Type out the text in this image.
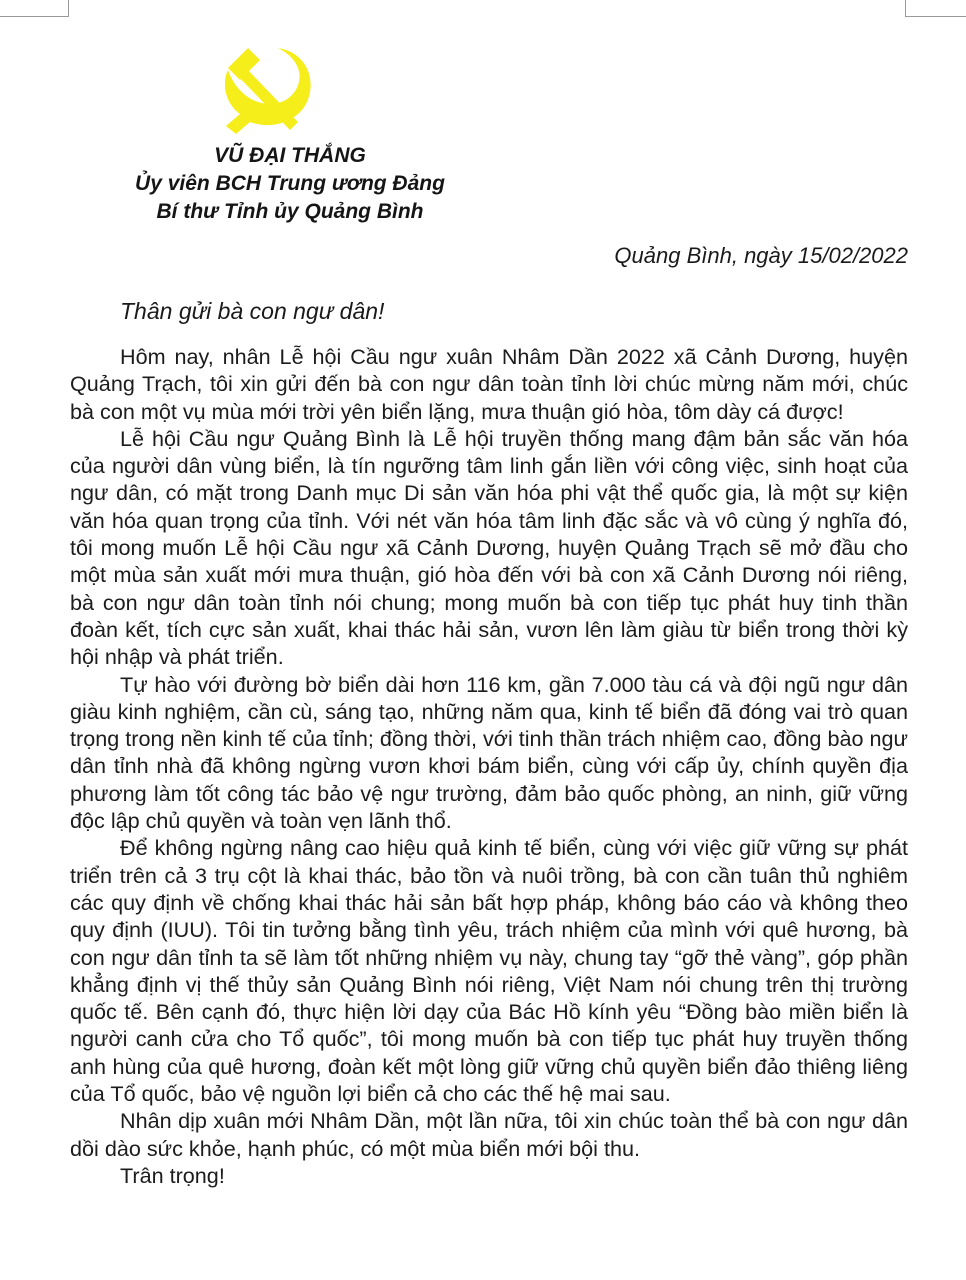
VŨ ĐẠI THẮNG
Ủy viên BCH Trung ương Đảng
Bí thư Tỉnh ủy Quảng Bình
Quảng Bình, ngày 15/02/2022
Thân gửi bà con ngư dân!

Hôm nay, nhân Lễ hội Cầu ngư xuân Nhâm Dần 2022 xã Cảnh Dương, huyện Quảng Trạch, tôi xin gửi đến bà con ngư dân toàn tỉnh lời chúc mừng năm mới, chúc bà con một vụ mùa mới trời yên biển lặng, mưa thuận gió hòa, tôm dày cá được!

Lễ hội Cầu ngư Quảng Bình là Lễ hội truyền thống mang đậm bản sắc văn hóa của người dân vùng biển, là tín ngưỡng tâm linh gắn liền với công việc, sinh hoạt của ngư dân, có mặt trong Danh mục Di sản văn hóa phi vật thể quốc gia, là một sự kiện văn hóa quan trọng của tỉnh. Với nét văn hóa tâm linh đặc sắc và vô cùng ý nghĩa đó, tôi mong muốn Lễ hội Cầu ngư xã Cảnh Dương, huyện Quảng Trạch sẽ mở đầu cho một mùa sản xuất mới mưa thuận, gió hòa đến với bà con xã Cảnh Dương nói riêng, bà con ngư dân toàn tỉnh nói chung; mong muốn bà con tiếp tục phát huy tinh thần đoàn kết, tích cực sản xuất, khai thác hải sản, vươn lên làm giàu từ biển trong thời kỳ hội nhập và phát triển.

Tự hào với đường bờ biển dài hơn 116 km, gần 7.000 tàu cá và đội ngũ ngư dân giàu kinh nghiệm, cần cù, sáng tạo, những năm qua, kinh tế biển đã đóng vai trò quan trọng trong nền kinh tế của tỉnh; đồng thời, với tinh thần trách nhiệm cao, đồng bào ngư dân tỉnh nhà đã không ngừng vươn khơi bám biển, cùng với cấp ủy, chính quyền địa phương làm tốt công tác bảo vệ ngư trường, đảm bảo quốc phòng, an ninh, giữ vững độc lập chủ quyền và toàn vẹn lãnh thổ.

Để không ngừng nâng cao hiệu quả kinh tế biển, cùng với việc giữ vững sự phát triển trên cả 3 trụ cột là khai thác, bảo tồn và nuôi trồng, bà con cần tuân thủ nghiêm các quy định về chống khai thác hải sản bất hợp pháp, không báo cáo và không theo quy định (IUU). Tôi tin tưởng bằng tình yêu, trách nhiệm của mình với quê hương, bà con ngư dân tỉnh ta sẽ làm tốt những nhiệm vụ này, chung tay “gỡ thẻ vàng”, góp phần khẳng định vị thế thủy sản Quảng Bình nói riêng, Việt Nam nói chung trên thị trường quốc tế. Bên cạnh đó, thực hiện lời dạy của Bác Hồ kính yêu “Đồng bào miền biển là người canh cửa cho Tổ quốc”, tôi mong muốn bà con tiếp tục phát huy truyền thống anh hùng của quê hương, đoàn kết một lòng giữ vững chủ quyền biển đảo thiêng liêng của Tổ quốc, bảo vệ nguồn lợi biển cả cho các thế hệ mai sau.

Nhân dịp xuân mới Nhâm Dần, một lần nữa, tôi xin chúc toàn thể bà con ngư dân dồi dào sức khỏe, hạnh phúc, có một mùa biển mới bội thu.

Trân trọng!
